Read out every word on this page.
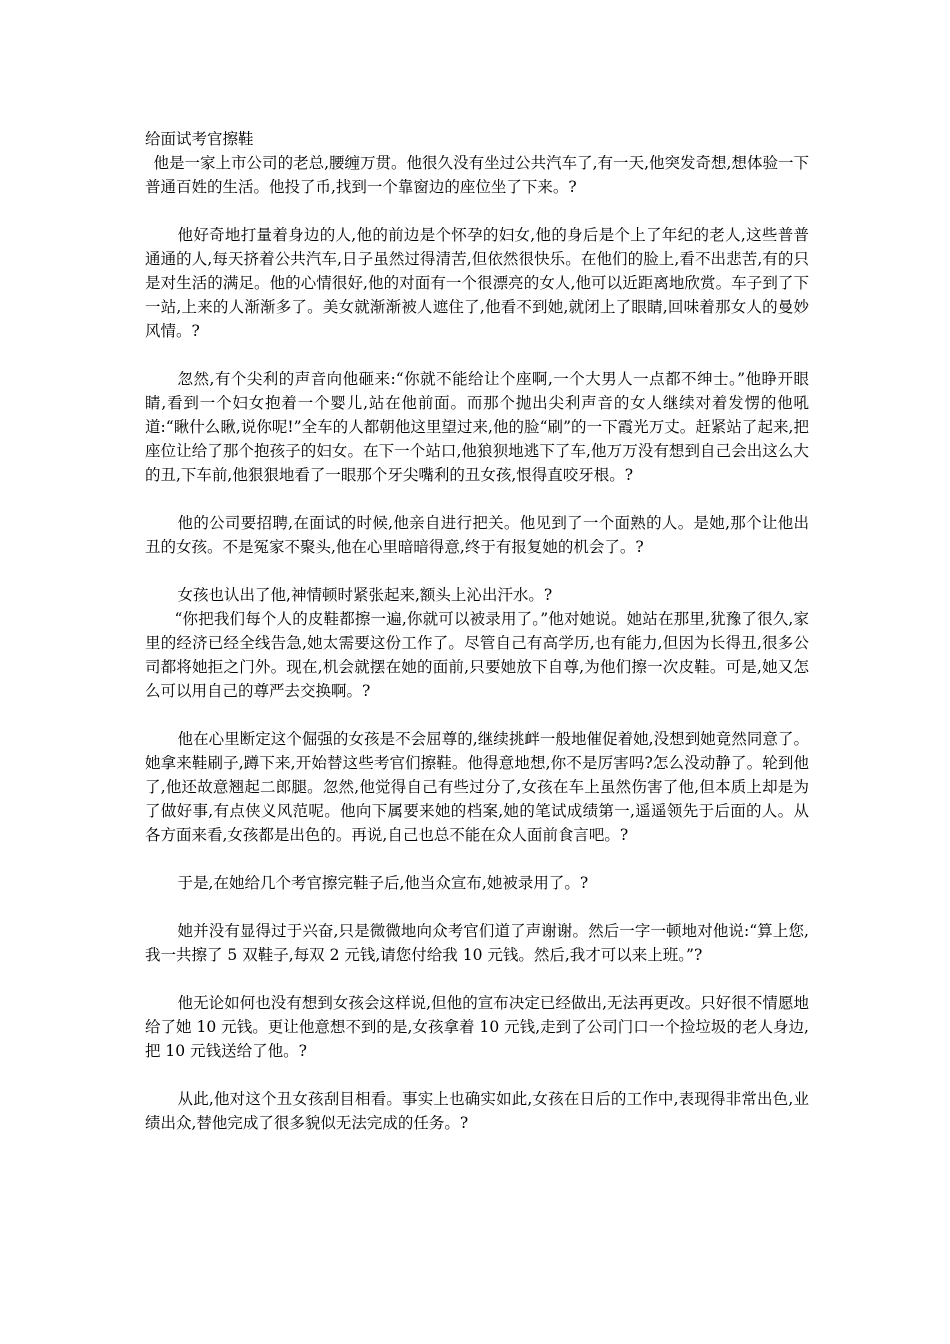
给面试考官擦鞋

他是一家上市公司的老总,腰缠万贯。他很久没有坐过公共汽车了,有一天,他突发奇想,想体验一下普通百姓的生活。他投了币,找到一个靠窗边的座位坐了下来。?

他好奇地打量着身边的人,他的前边是个怀孕的妇女,他的身后是个上了年纪的老人,这些普普通通的人,每天挤着公共汽车,日子虽然过得清苦,但依然很快乐。在他们的脸上,看不出悲苦,有的只是对生活的满足。他的心情很好,他的对面有一个很漂亮的女人,他可以近距离地欣赏。车子到了下一站,上来的人渐渐多了。美女就渐渐被人遮住了,他看不到她,就闭上了眼睛,回味着那女人的曼妙风情。?

忽然,有个尖利的声音向他砸来:“你就不能给让个座啊,一个大男人一点都不绅士。”他睁开眼睛,看到一个妇女抱着一个婴儿,站在他前面。而那个抛出尖利声音的女人继续对着发愣的他吼道:“瞅什么瞅,说你呢!”全车的人都朝他这里望过来,他的脸“刷”的一下霞光万丈。赶紧站了起来,把座位让给了那个抱孩子的妇女。在下一个站口,他狼狈地逃下了车,他万万没有想到自己会出这么大的丑,下车前,他狠狠地看了一眼那个牙尖嘴利的丑女孩,恨得直咬牙根。?

他的公司要招聘,在面试的时候,他亲自进行把关。他见到了一个面熟的人。是她,那个让他出丑的女孩。不是冤家不聚头,他在心里暗暗得意,终于有报复她的机会了。?

女孩也认出了他,神情顿时紧张起来,额头上沁出汗水。?

“你把我们每个人的皮鞋都擦一遍,你就可以被录用了。”他对她说。她站在那里,犹豫了很久,家里的经济已经全线告急,她太需要这份工作了。尽管自己有高学历,也有能力,但因为长得丑,很多公司都将她拒之门外。现在,机会就摆在她的面前,只要她放下自尊,为他们擦一次皮鞋。可是,她又怎么可以用自己的尊严去交换啊。?

他在心里断定这个倔强的女孩是不会屈尊的,继续挑衅一般地催促着她,没想到她竟然同意了。她拿来鞋刷子,蹲下来,开始替这些考官们擦鞋。他得意地想,你不是厉害吗?怎么没动静了。轮到他了,他还故意翘起二郎腿。忽然,他觉得自己有些过分了,女孩在车上虽然伤害了他,但本质上却是为了做好事,有点侠义风范呢。他向下属要来她的档案,她的笔试成绩第一,遥遥领先于后面的人。从各方面来看,女孩都是出色的。再说,自己也总不能在众人面前食言吧。?

于是,在她给几个考官擦完鞋子后,他当众宣布,她被录用了。?

她并没有显得过于兴奋,只是微微地向众考官们道了声谢谢。然后一字一顿地对他说:“算上您,我一共擦了 5 双鞋子,每双 2 元钱,请您付给我 10 元钱。然后,我才可以来上班。”?

他无论如何也没有想到女孩会这样说,但他的宣布决定已经做出,无法再更改。只好很不情愿地给了她 10 元钱。更让他意想不到的是,女孩拿着 10 元钱,走到了公司门口一个捡垃圾的老人身边,把 10 元钱送给了他。?

从此,他对这个丑女孩刮目相看。事实上也确实如此,女孩在日后的工作中,表现得非常出色,业绩出众,替他完成了很多貌似无法完成的任务。?
